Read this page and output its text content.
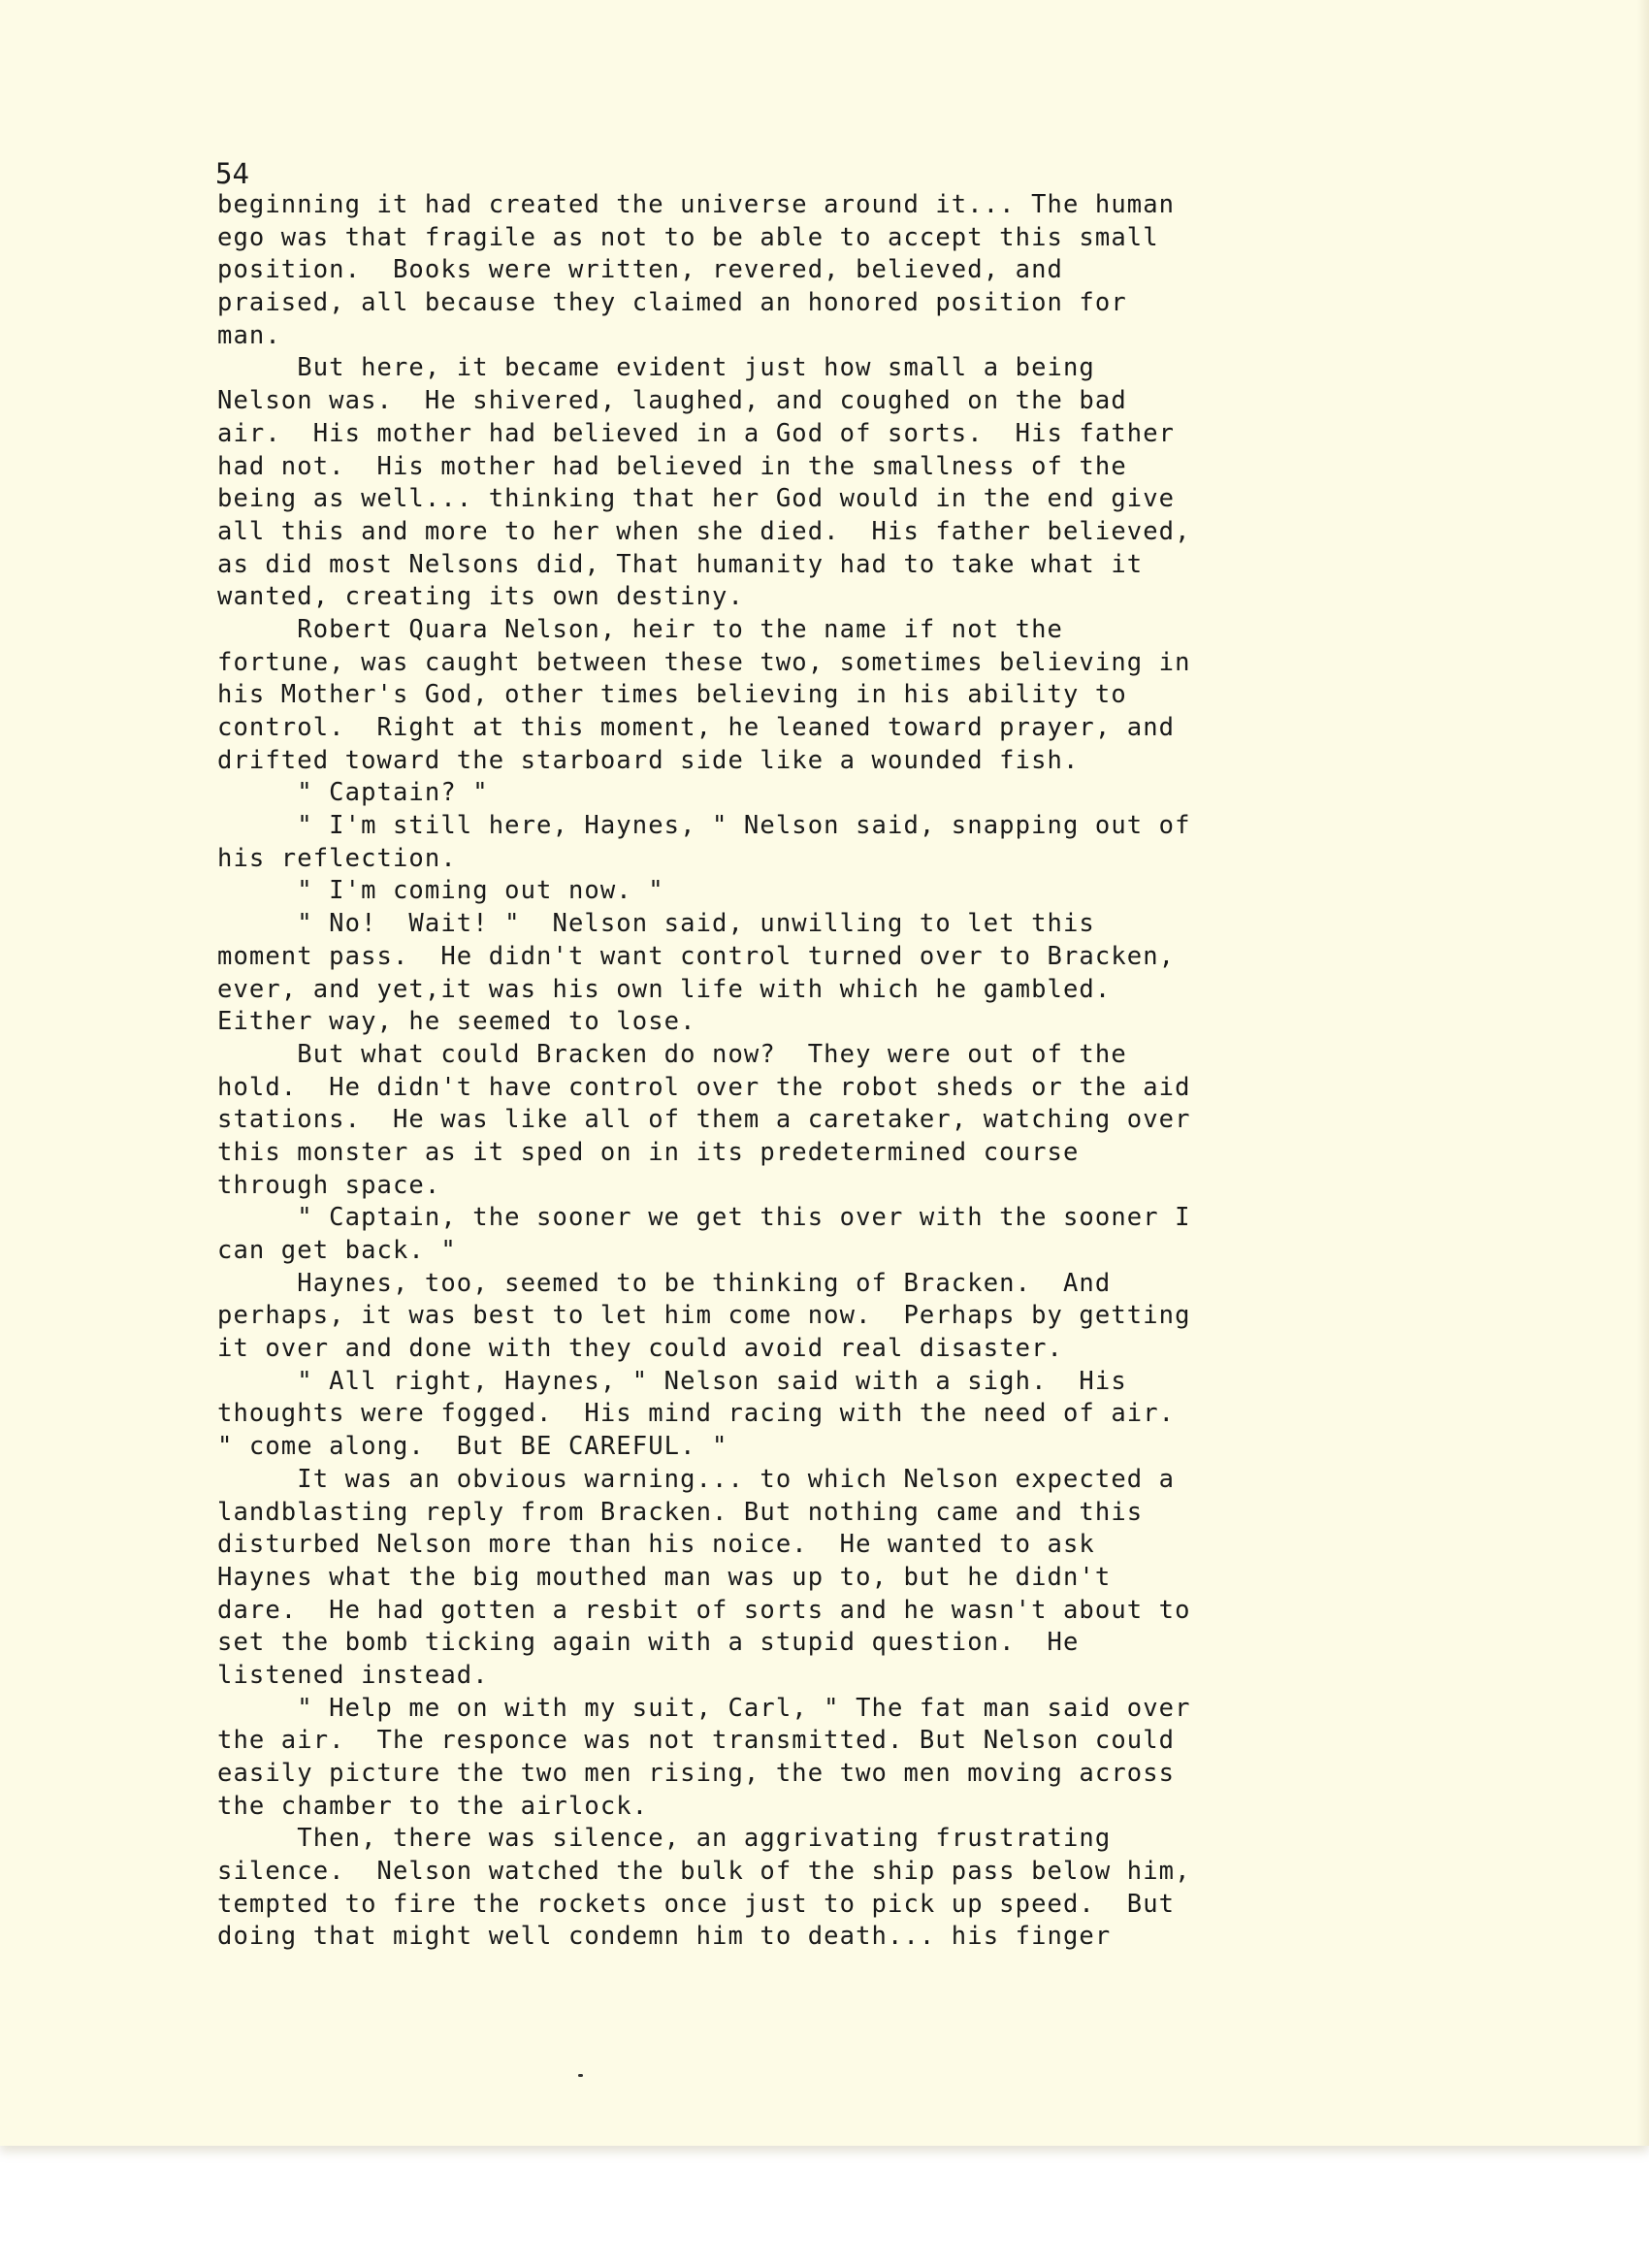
54

beginning it had created the universe around it... The human
ego was that fragile as not to be able to accept this small
position.  Books were written, revered, believed, and
praised, all because they claimed an honored position for
man.
But here, it became evident just how small a being
Nelson was.  He shivered, laughed, and coughed on the bad
air.  His mother had believed in a God of sorts.  His father
had not.  His mother had believed in the smallness of the
being as well... thinking that her God would in the end give
all this and more to her when she died.  His father believed,
as did most Nelsons did, That humanity had to take what it
wanted, creating its own destiny.
Robert Quara Nelson, heir to the name if not the
fortune, was caught between these two, sometimes believing in
his Mother's God, other times believing in his ability to
control.  Right at this moment, he leaned toward prayer, and
drifted toward the starboard side like a wounded fish.
" Captain? "
" I'm still here, Haynes, " Nelson said, snapping out of
his reflection.
" I'm coming out now. "
" No!  Wait! "  Nelson said, unwilling to let this
moment pass.  He didn't want control turned over to Bracken,
ever, and yet,it was his own life with which he gambled.
Either way, he seemed to lose.
But what could Bracken do now?  They were out of the
hold.  He didn't have control over the robot sheds or the aid
stations.  He was like all of them a caretaker, watching over
this monster as it sped on in its predetermined course
through space.
" Captain, the sooner we get this over with the sooner I
can get back. "
Haynes, too, seemed to be thinking of Bracken.  And
perhaps, it was best to let him come now.  Perhaps by getting
it over and done with they could avoid real disaster.
" All right, Haynes, " Nelson said with a sigh.  His
thoughts were fogged.  His mind racing with the need of air.
" come along.  But BE CAREFUL. "
It was an obvious warning... to which Nelson expected a
landblasting reply from Bracken. But nothing came and this
disturbed Nelson more than his noice.  He wanted to ask
Haynes what the big mouthed man was up to, but he didn't
dare.  He had gotten a resbit of sorts and he wasn't about to
set the bomb ticking again with a stupid question.  He
listened instead.
" Help me on with my suit, Carl, " The fat man said over
the air.  The responce was not transmitted. But Nelson could
easily picture the two men rising, the two men moving across
the chamber to the airlock.
Then, there was silence, an aggrivating frustrating
silence.  Nelson watched the bulk of the ship pass below him,
tempted to fire the rockets once just to pick up speed.  But
doing that might well condemn him to death... his finger
